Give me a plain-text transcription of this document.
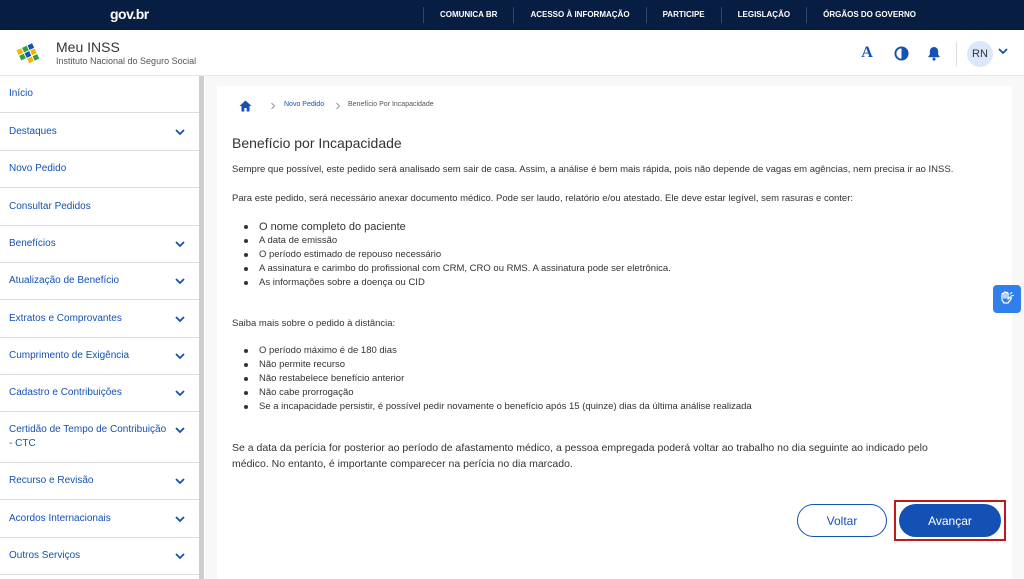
gov.br	COMUNICA BR	ACESSO À INFORMAÇÃO	PARTICIPE	LEGISLAÇÃO	ÓRGÃOS DO GOVERNO
Meu INSS
Instituto Nacional do Seguro Social	A	RN
Início
Destaques
Novo Pedido
Consultar Pedidos
Benefícios
Atualização de Benefício
Extratos e Comprovantes
Cumprimento de Exigência
Cadastro e Contribuições
Certidão de Tempo de Contribuição - CTC
Recurso e Revisão
Acordos Internacionais
Outros Serviços
Novo Pedido	Benefício Por Incapacidade
Benefício por Incapacidade
Sempre que possível, este pedido será analisado sem sair de casa. Assim, a análise é bem mais rápida, pois não depende de vagas em agências, nem precisa ir ao INSS.
Para este pedido, será necessário anexar documento médico. Pode ser laudo, relatório e/ou atestado. Ele deve estar legível, sem rasuras e conter:
O nome completo do paciente
A data de emissão
O período estimado de repouso necessário
A assinatura e carimbo do profissional com CRM, CRO ou RMS. A assinatura pode ser eletrônica.
As informações sobre a doença ou CID
Saiba mais sobre o pedido à distância:
O período máximo é de 180 dias
Não permite recurso
Não restabelece benefício anterior
Não cabe prorrogação
Se a incapacidade persistir, é possível pedir novamente o benefício após 15 (quinze) dias da última análise realizada
Se a data da perícia for posterior ao período de afastamento médico, a pessoa empregada poderá voltar ao trabalho no dia seguinte ao indicado pelo
médico. No entanto, é importante comparecer na perícia no dia marcado.
Voltar	Avançar
